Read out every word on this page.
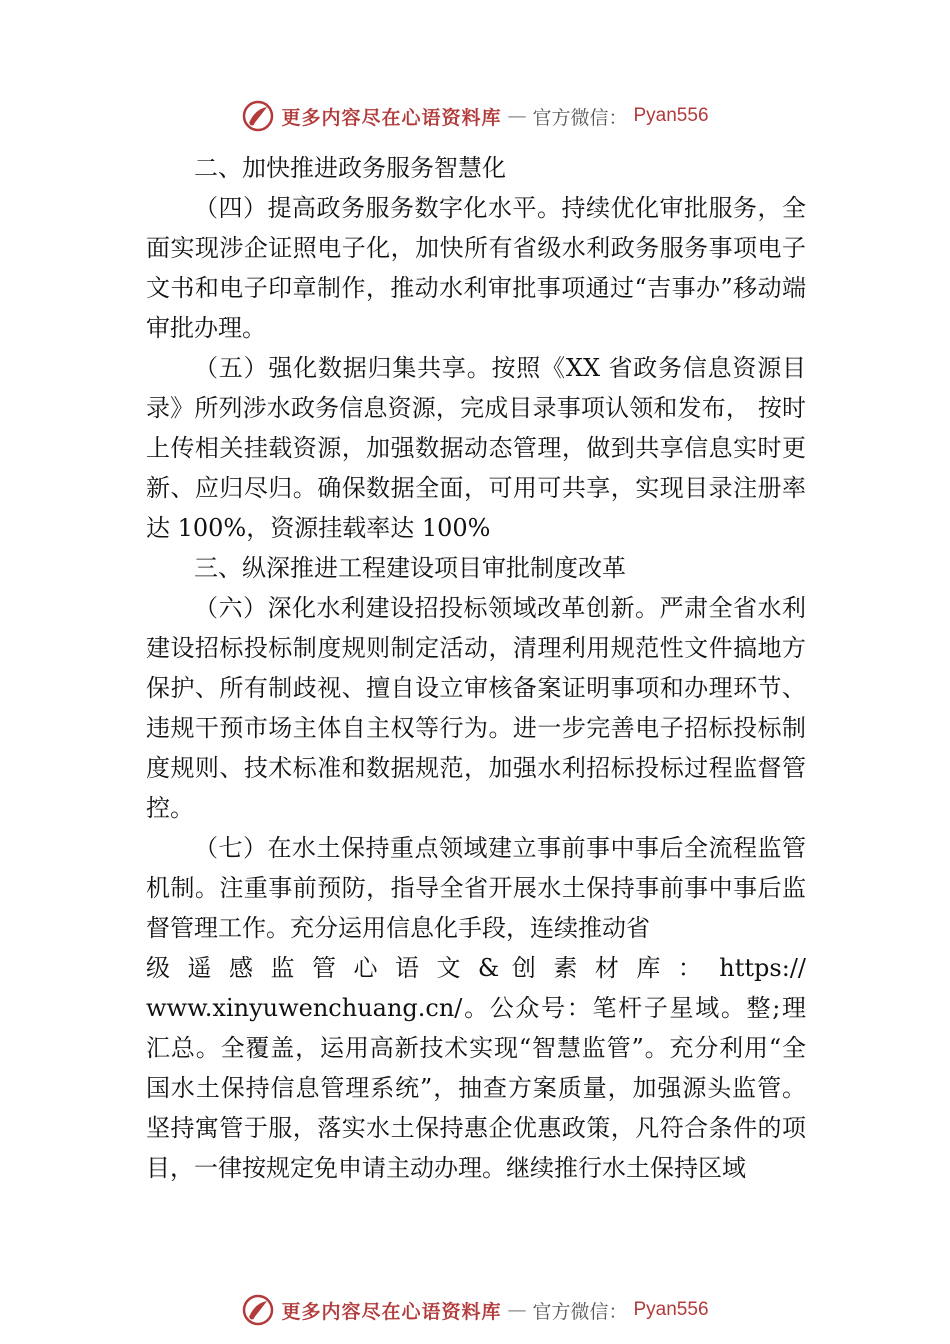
更多内容尽在心语资料库 — 官方微信： Pyan556

二、加快推进政务服务智慧化

（四）提高政务服务数字化水平。持续优化审批服务，全面实现涉企证照电子化，加快所有省级水利政务服务事项电子文书和电子印章制作，推动水利审批事项通过“吉事办”移动端审批办理。

（五）强化数据归集共享。按照《XX 省政务信息资源目录》所列涉水政务信息资源，完成目录事项认领和发布， 按时上传相关挂载资源，加强数据动态管理，做到共享信息实时更新、应归尽归。确保数据全面，可用可共享，实现目录注册率达 100%，资源挂载率达 100%

三、纵深推进工程建设项目审批制度改革

（六）深化水利建设招投标领域改革创新。严肃全省水利建设招标投标制度规则制定活动，清理利用规范性文件搞地方保护、所有制歧视、擅自设立审核备案证明事项和办理环节、违规干预市场主体自主权等行为。进一步完善电子招标投标制度规则、技术标准和数据规范，加强水利招标投标过程监督管控。

（七）在水土保持重点领域建立事前事中事后全流程监管机制。注重事前预防，指导全省开展水土保持事前事中事后监督管理工作。充分运用信息化手段，连续推动省

级 遥 感 监 管 心 语 文 & 创 素 材 库 ： https://

www.xinyuwenchuang.cn/。公众号：笔杆子星域。整;理汇总。全覆盖，运用高新技术实现“智慧监管”。充分利用“全国水土保持信息管理系统”，抽查方案质量，加强源头监管。坚持寓管于服，落实水土保持惠企优惠政策，凡符合条件的项目，一律按规定免申请主动办理。继续推行水土保持区域

更多内容尽在心语资料库 — 官方微信： Pyan556
